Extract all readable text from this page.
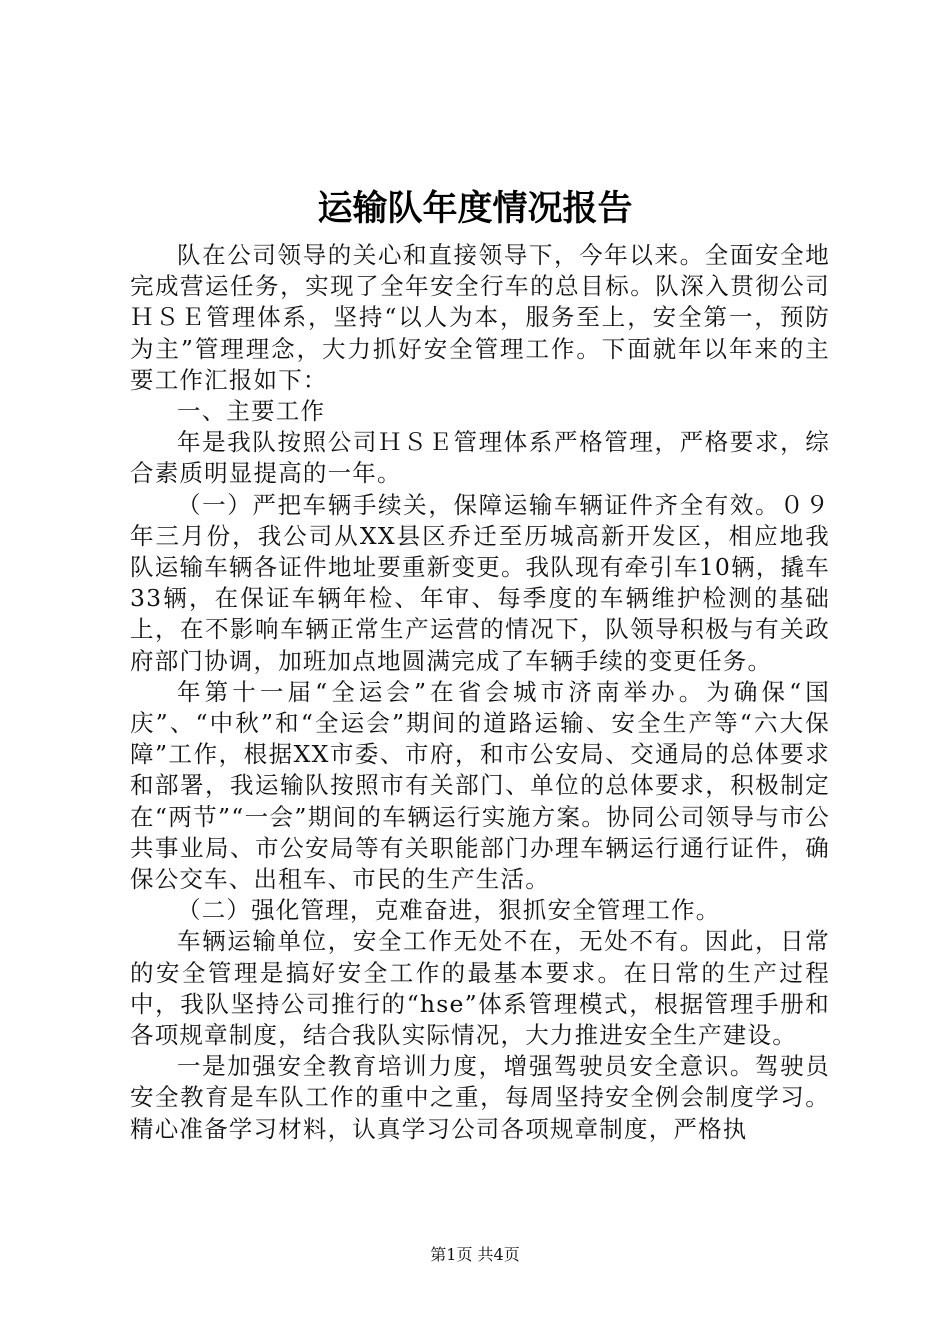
运输队年度情况报告

队在公司领导的关心和直接领导下，今年以来。全面安全地完成营运任务，实现了全年安全行车的总目标。队深入贯彻公司ＨＳＥ管理体系，坚持“以人为本，服务至上，安全第一，预防为主”管理理念，大力抓好安全管理工作。下面就年以年来的主要工作汇报如下：

一、主要工作

年是我队按照公司ＨＳＥ管理体系严格管理，严格要求，综合素质明显提高的一年。

（一）严把车辆手续关，保障运输车辆证件齐全有效。０９年三月份，我公司从XX县区乔迁至历城高新开发区，相应地我队运输车辆各证件地址要重新变更。我队现有牵引车10辆，撬车33辆，在保证车辆年检、年审、每季度的车辆维护检测的基础上，在不影响车辆正常生产运营的情况下，队领导积极与有关政府部门协调，加班加点地圆满完成了车辆手续的变更任务。

年第十一届“全运会”在省会城市济南举办。为确保“国庆”、“中秋”和“全运会”期间的道路运输、安全生产等“六大保障”工作，根据XX市委、市府，和市公安局、交通局的总体要求和部署，我运输队按照市有关部门、单位的总体要求，积极制定在“两节”“一会”期间的车辆运行实施方案。协同公司领导与市公共事业局、市公安局等有关职能部门办理车辆运行通行证件，确保公交车、出租车、市民的生产生活。

（二）强化管理，克难奋进，狠抓安全管理工作。

车辆运输单位，安全工作无处不在，无处不有。因此，日常的安全管理是搞好安全工作的最基本要求。在日常的生产过程中，我队坚持公司推行的“hse”体系管理模式，根据管理手册和各项规章制度，结合我队实际情况，大力推进安全生产建设。

一是加强安全教育培训力度，增强驾驶员安全意识。驾驶员安全教育是车队工作的重中之重，每周坚持安全例会制度学习。精心准备学习材料，认真学习公司各项规章制度，严格执

第1页 共4页
